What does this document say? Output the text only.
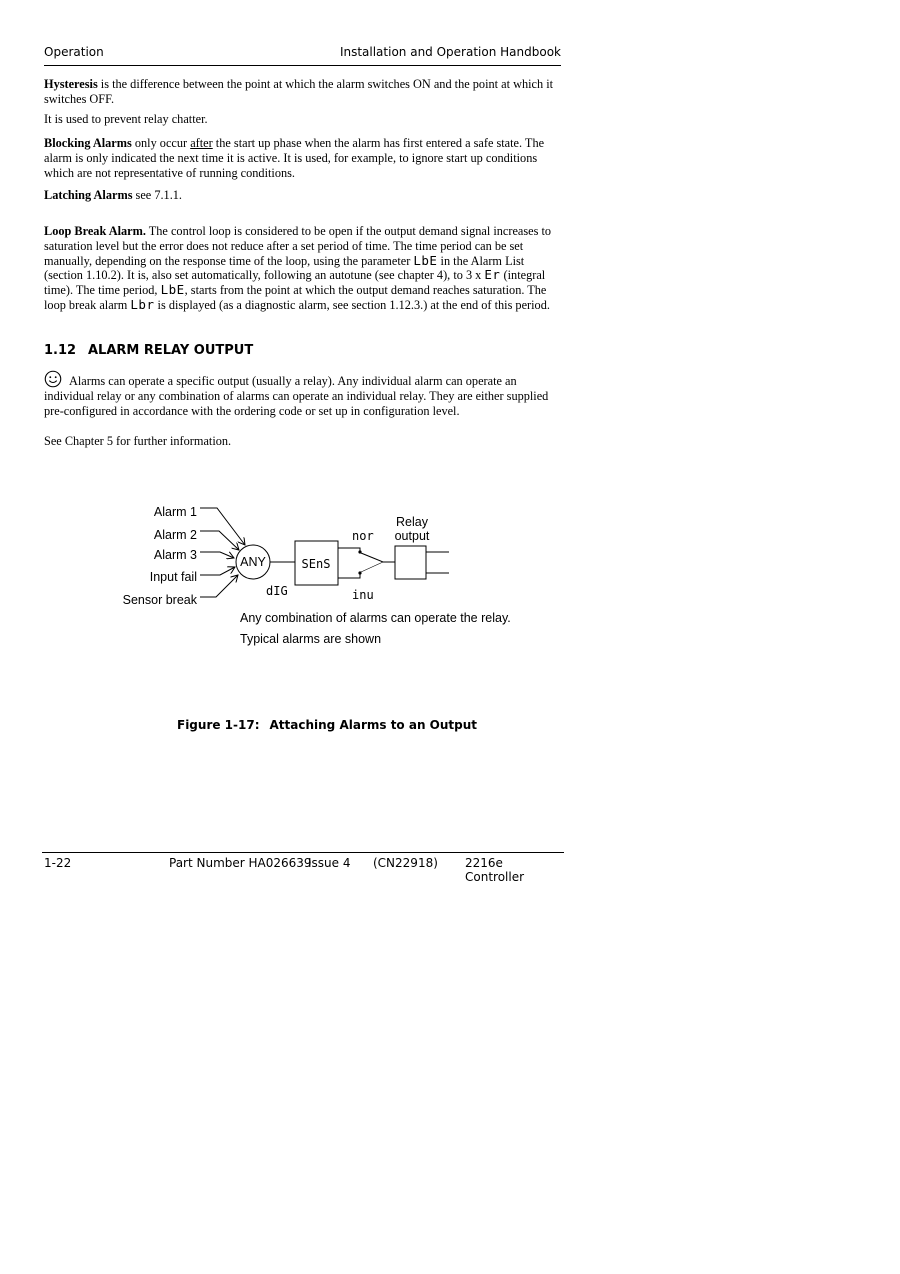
Operation	Installation and Operation Handbook
Hysteresis is the difference between the point at which the alarm switches ON and the point at which it switches OFF.
It is used to prevent relay chatter.
Blocking Alarms only occur after the start up phase when the alarm has first entered a safe state. The alarm is only indicated the next time it is active. It is used, for example, to ignore start up conditions which are not representative of running conditions.
Latching Alarms see 7.1.1.
Loop Break Alarm. The control loop is considered to be open if the output demand signal increases to saturation level but the error does not reduce after a set period of time. The time period can be set manually, depending on the response time of the loop, using the parameter LbE in the Alarm List (section 1.10.2). It is, also set automatically, following an autotune (see chapter 4), to 3 x Er (integral time). The time period, LbE, starts from the point at which the output demand reaches saturation. The loop break alarm Lbr is displayed (as a diagnostic alarm, see section 1.12.3.) at the end of this period.
1.12 ALARM RELAY OUTPUT
Alarms can operate a specific output (usually a relay). Any individual alarm can operate an individual relay or any combination of alarms can operate an individual relay. They are either supplied pre-configured in accordance with the ordering code or set up in configuration level.
See Chapter 5 for further information.
Alarm 1
Alarm 2
Alarm 3
Input fail
Sensor break
ANY
dIG
SEnS
nor
inu
Relay
output
Any combination of alarms can operate the relay.
Typical alarms are shown
Figure 1-17: Attaching Alarms to an Output
1-22	Part Number HA026639
Issue 4 (CN22918) 2216e Controller
